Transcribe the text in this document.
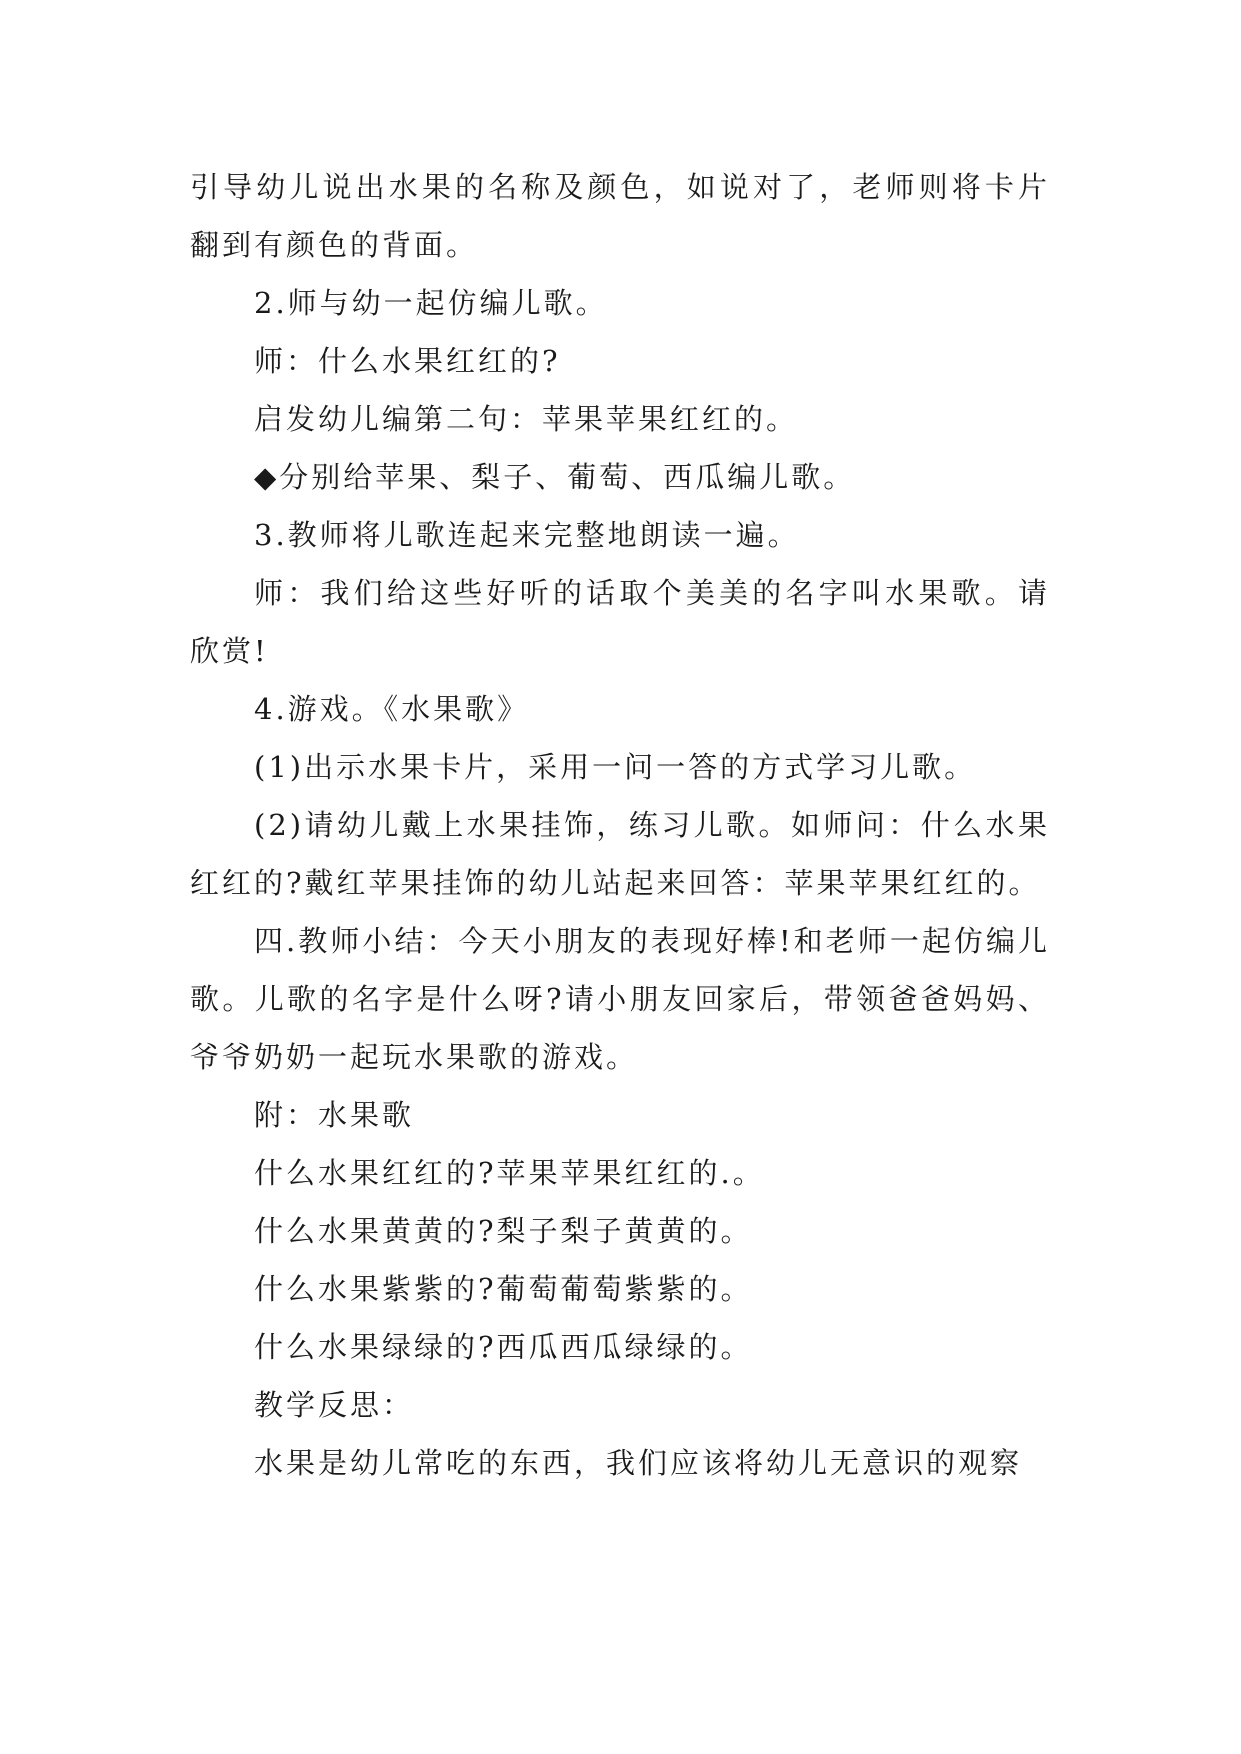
引导幼儿说出水果的名称及颜色，如说对了，老师则将卡片翻到有颜色的背面。

2.师与幼一起仿编儿歌。

师：什么水果红红的?

启发幼儿编第二句：苹果苹果红红的。

◆分别给苹果、梨子、葡萄、西瓜编儿歌。

3.教师将儿歌连起来完整地朗读一遍。

师：我们给这些好听的话取个美美的名字叫水果歌。请欣赏!

4.游戏。《水果歌》

(1)出示水果卡片，采用一问一答的方式学习儿歌。

(2)请幼儿戴上水果挂饰，练习儿歌。如师问：什么水果红红的?戴红苹果挂饰的幼儿站起来回答：苹果苹果红红的。

四.教师小结：今天小朋友的表现好棒!和老师一起仿编儿歌。儿歌的名字是什么呀?请小朋友回家后，带领爸爸妈妈、爷爷奶奶一起玩水果歌的游戏。

附：水果歌

什么水果红红的?苹果苹果红红的.。

什么水果黄黄的?梨子梨子黄黄的。

什么水果紫紫的?葡萄葡萄紫紫的。

什么水果绿绿的?西瓜西瓜绿绿的。

教学反思：

水果是幼儿常吃的东西，我们应该将幼儿无意识的观察
